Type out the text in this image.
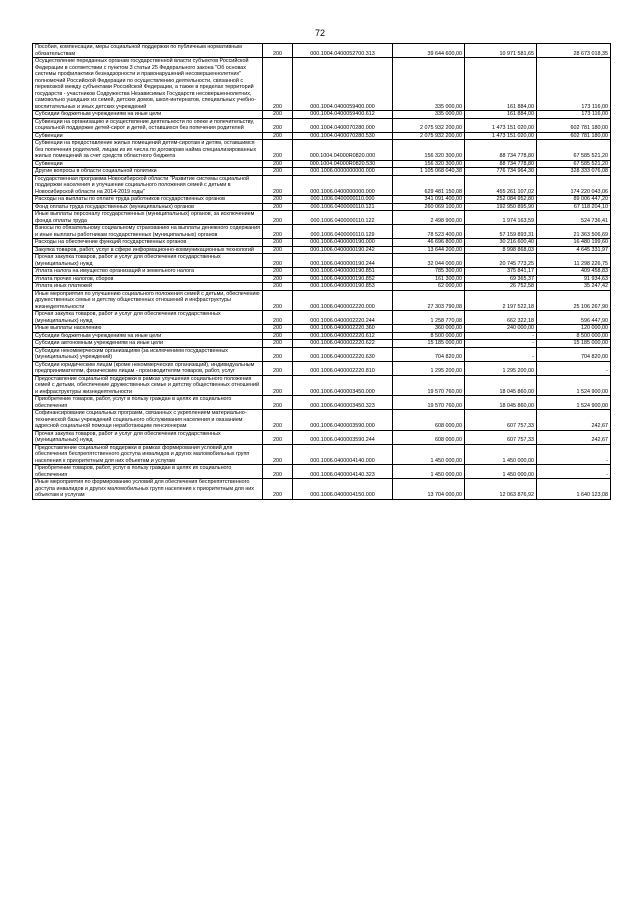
72
Пособия, компенсации, меры социальной поддержки по публичным нормативным обязательствам	200	000.1004.0400052700.313	39 644 600,00	10 971 581,65	28 673 018,35
Осуществление переданных органам государственной власти субъектов Российской Федерации в соответствии с пунктом 3 статьи 25 Федерального закона "Об основах системы профилактики безнадзорности и правонарушений несовершеннолетних" полномочий Российской Федерации по осуществлению деятельности, связанной с перевозкой между субъектами Российской Федерации, а также в пределах территорий государств - участников Содружества Независимых Государств несовершеннолетних, самовольно ушедших из семей, детских домов, школ-интернатов, специальных учебно-воспитательных и иных детских учреждений	200	000.1004.0400059400.000	335 000,00	161 884,00	173 116,00
Субсидии бюджетным учреждениям на иные цели	200	000.1004.0400059400.612	335 000,00	161 884,00	173 116,00
Субвенции на организацию и осуществление деятельности по опеке и попечительству, социальной поддержке детей-сирот и детей, оставшихся без попечения родителей	200	000.1004.0400070280.000	2 075 932 200,00	1 473 151 020,00	602 781 180,00
Субвенции	200	000.1004.0400070280.530	2 075 932 200,00	1 473 151 020,00	602 781 180,00
Субвенции на предоставление жилых помещений детям-сиротам и детям, оставшимся без попечения родителей, лицам из их числа по договорам найма специализированных жилых помещений за счет средств областного бюджета	200	000.1004.04000R0820.000	156 320 300,00	88 734 778,80	67 585 521,20
Субвенции	200	000.1004.04000R0820.530	156 320 300,00	88 734 778,80	67 585 521,20
Другие вопросы в области социальной политики	200	000.1006.0000000000.000	1 105 068 040,38	776 734 964,30	328 333 076,08
Государственная программа Новосибирской области "Развитие системы социальной поддержки населения и улучшение социального положения семей с детьми в Новосибирской области на 2014-2019 годы"	200	000.1006.0400000000.000	629 481 150,08	455 261 107,02	174 220 043,06
Расходы на выплаты по оплате труда работников государственных органов	200	000.1006.0400000110.000	341 091 400,00	252 084 952,80	89 006 447,20
Фонд оплаты труда государственных (муниципальных) органов	200	000.1006.0400000110.121	260 069 100,00	192 950 895,90	67 118 204,10
Иные выплаты персоналу государственных (муниципальных) органов, за исключением фонда оплаты труда	200	000.1006.0400000110.122	2 498 900,00	1 974 163,59	524 736,41
Взносы по обязательному социальному страхованию на выплаты денежного содержания и иные выплаты работникам государственных (муниципальных) органов	200	000.1006.0400000110.129	78 523 400,00	57 159 893,31	21 363 506,69
Расходы на обеспечение функций государственных органов	200	000.1006.0400000190.000	46 696 800,00	30 216 600,40	16 480 199,60
Закупка товаров, работ, услуг в сфере информационно-коммуникационных технологий	200	000.1006.0400000190.242	13 644 200,00	8 998 868,03	4 645 331,97
Прочая закупка товаров, работ и услуг для обеспечения государственных (муниципальных) нужд	200	000.1006.0400000190.244	32 044 000,00	20 745 773,25	11 298 226,75
Уплата налога на имущество организаций и земельного налога	200	000.1006.0400000190.851	785 300,00	375 841,17	409 458,83
Уплата прочих налогов, сборов	200	000.1006.0400000190.852	161 300,00	69 365,37	91 934,63
Уплата иных платежей	200	000.1006.0400000190.853	62 000,00	26 752,58	35 247,42
Иные мероприятия по улучшению социального положения семей с детьми, обеспечению дружественных семье и детству общественных отношений и инфраструктуры жизнедеятельности	200	000.1006.0400002220.000	27 303 790,08	2 197 522,18	25 106 267,90
Прочая закупка товаров, работ и услуг для обеспечения государственных (муниципальных) нужд	200	000.1006.0400002220.244	1 258 770,08	662 322,18	596 447,90
Иные выплаты населению	200	000.1006.0400002220.360	360 000,00	240 000,00	120 000,00
Субсидии бюджетным учреждениям на иные цели	200	000.1006.0400002220.612	8 500 000,00	-	8 500 000,00
Субсидии автономным учреждениям на иные цели	200	000.1006.0400002220.622	15 185 000,00	-	15 185 000,00
Субсидии некоммерческим организациям (за исключением государственных (муниципальных) учреждений)	200	000.1006.0400002220.630	704 820,00	-	704 820,00
Субсидии юридическим лицам (кроме некоммерческих организаций), индивидуальным предпринимателям, физическим лицам - производителям товаров, работ, услуг	200	000.1006.0400002220.810	1 295 200,00	1 295 200,00	-
Предоставление социальной поддержки в рамках улучшения социального положения семей с детьми, обеспечение дружественных семье и детству общественных отношений и инфраструктуры жизнедеятельности	200	000.1006.0400003450.000	19 570 760,00	18 045 860,00	1 524 900,00
Приобретение товаров, работ, услуг в пользу граждан в целях их социального обеспечения	200	000.1006.0400003450.323	19 570 760,00	18 045 860,00	1 524 900,00
Софинансирование социальных программ, связанных с укреплением материально-технической базы учреждений социального обслуживания населения и оказанием адресной социальной помощи неработающим пенсионерам	200	000.1006.0400003590.000	608 000,00	607 757,33	242,67
Прочая закупка товаров, работ и услуг для обеспечения государственных (муниципальных) нужд	200	000.1006.0400003590.244	608 000,00	607 757,33	242,67
Предоставление социальной поддержки в рамках формирования условий для обеспечения беспрепятственного доступа инвалидов и других маломобильных групп населения к приоритетным для них объектам и услугам	200	000.1006.0400004140.000	1 450 000,00	1 450 000,00	-
Приобретение товаров, работ, услуг в пользу граждан в целях их социального обеспечения	200	000.1006.0400004140.323	1 450 000,00	1 450 000,00	-
Иные мероприятия по формированию условий для обеспечения беспрепятственного доступа инвалидов и других маломобильных групп населения к приоритетным для них объектам и услугам	200	000.1006.0400004150.000	13 704 000,00	12 063 876,92	1 640 123,08
